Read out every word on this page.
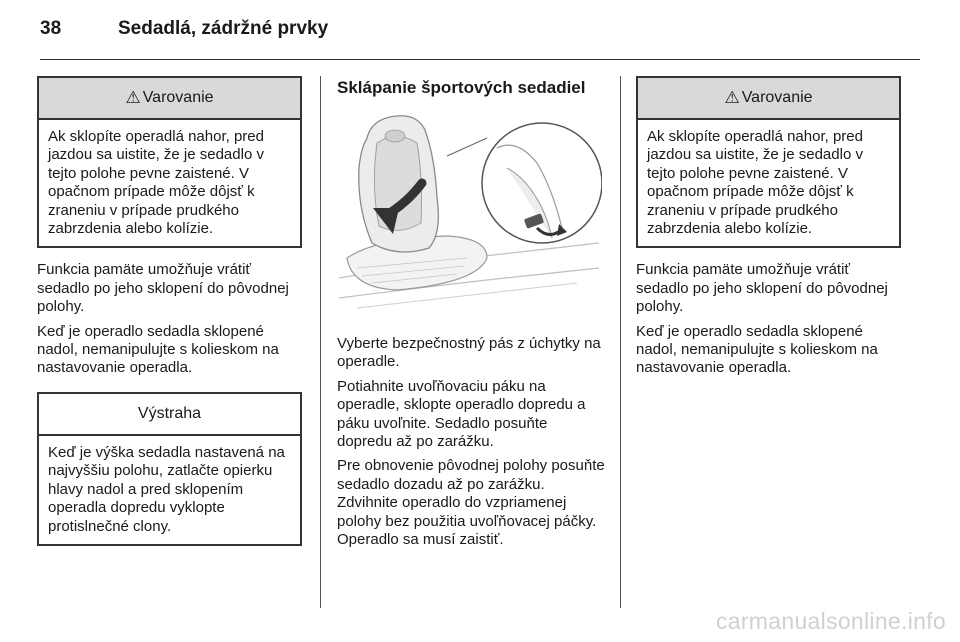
38	Sedadlá, zádržné prvky
⚠ Varovanie
Ak sklopíte operadlá nahor, pred jazdou sa uistite, že je sedadlo v tejto polohe pevne zaistené. V opačnom prípade môže dôjsť k zraneniu v prípade prudkého zabrzdenia alebo kolízie.

Funkcia pamäte umožňuje vrátiť sedadlo po jeho sklopení do pôvodnej polohy.

Keď je operadlo sedadla sklopené nadol, nemanipulujte s kolieskom na nastavovanie operadla.

Výstraha
Keď je výška sedadla nastavená na najvyššiu polohu, zatlačte opierku hlavy nadol a pred sklopením operadla dopredu vyklopte protislnečné clony.
Sklápanie športových sedadiel

Vyberte bezpečnostný pás z úchytky na operadle.

Potiahnite uvoľňovaciu páku na operadle, sklopte operadlo dopredu a páku uvoľnite. Sedadlo posuňte dopredu až po zarážku.

Pre obnovenie pôvodnej polohy posuňte sedadlo dozadu až po zarážku. Zdvihnite operadlo do vzpriamenej polohy bez použitia uvoľňovacej páčky. Operadlo sa musí zaistiť.

⚠ Varovanie
Ak sklopíte operadlá nahor, pred jazdou sa uistite, že je sedadlo v tejto polohe pevne zaistené. V opačnom prípade môže dôjsť k zraneniu v prípade prudkého zabrzdenia alebo kolízie.

Funkcia pamäte umožňuje vrátiť sedadlo po jeho sklopení do pôvodnej polohy.

Keď je operadlo sedadla sklopené nadol, nemanipulujte s kolieskom na nastavovanie operadla.

carmanualsonline.info
